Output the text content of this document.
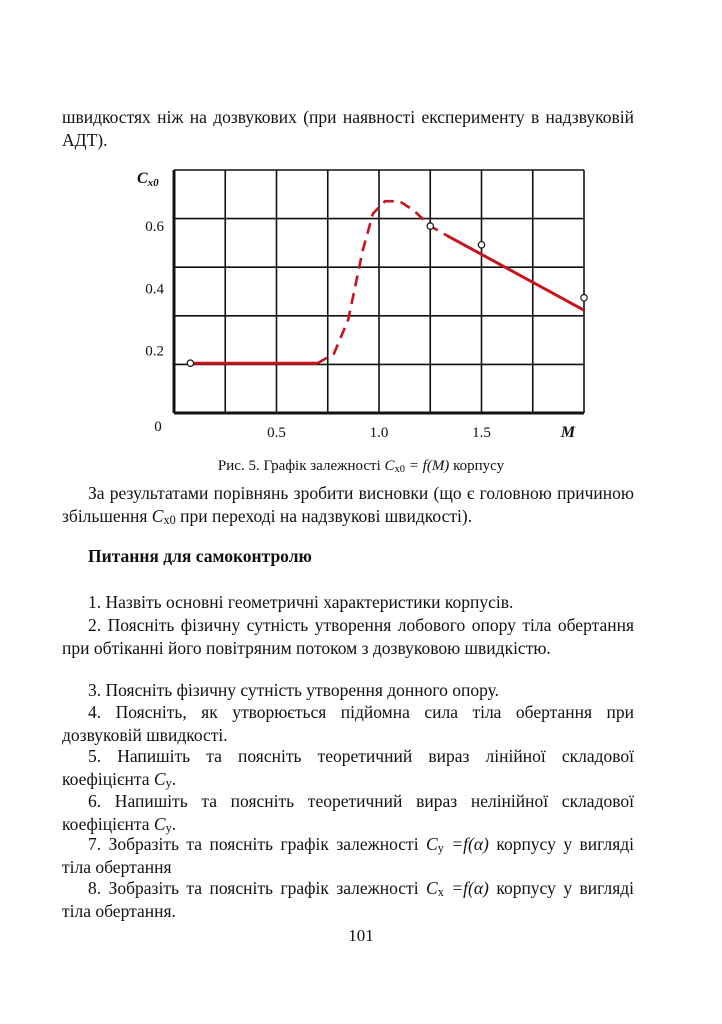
швидкостях ніж на дозвукових (при наявності експерименту в надзвуковій АДТ).

0.5	1.0	1.5
0.2
0.4
0.6
0	M
Cx0

Рис. 5. Графік залежності $C_{x0} = f(M)$ корпусу

За результатами порівнянь зробити висновки (що є головною причиною збільшення $C_{x0}$ при переході на надзвукові швидкості).

Питання для самоконтролю

1. Назвіть основні геометричні характеристики корпусів.

2. Поясніть фізичну сутність утворення лобового опору тіла обертання при обтіканні його повітряним потоком з дозвуковою швидкістю.

3. Поясніть фізичну сутність утворення донного опору.

4. Поясніть, як утворюється підйомна сила тіла обертання при дозвуковій швидкості.

5. Напишіть та поясніть теоретичний вираз лінійної складової коефіцієнта $C_y$.

6. Напишіть та поясніть теоретичний вираз нелінійної складової коефіцієнта $C_y$.

7. Зобразіть та поясніть графік залежності $C_y =f(\alpha)$ корпусу у вигляді тіла обертання

8. Зобразіть та поясніть графік залежності $C_x =f(\alpha)$ корпусу у вигляді тіла обертання.

101
